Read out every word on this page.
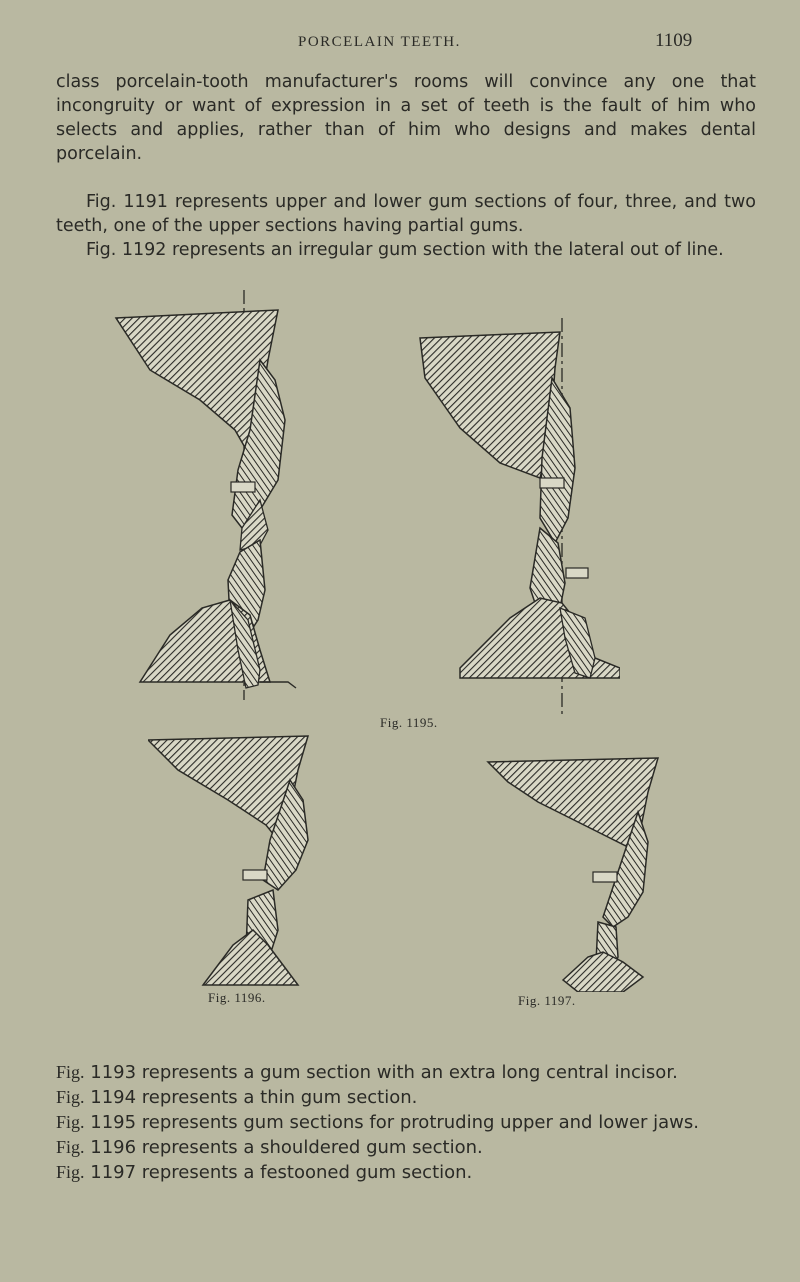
PORCELAIN TEETH.	1109

class porcelain-tooth manufacturer's rooms will convince any one that incongruity or want of expression in a set of teeth is the fault of him who selects and applies, rather than of him who designs and makes dental porcelain.

Fig. 1191 represents upper and lower gum sections of four, three, and two teeth, one of the upper sections having partial gums.

Fig. 1192 represents an irregular gum section with the lateral out of line.

Fig. 1195.
Fig. 1196.	Fig. 1197.
Fig. 1193 represents a gum section with an extra long central incisor.
Fig. 1194 represents a thin gum section.
Fig. 1195 represents gum sections for protruding upper and lower jaws.
Fig. 1196 represents a shouldered gum section.
Fig. 1197 represents a festooned gum section.
